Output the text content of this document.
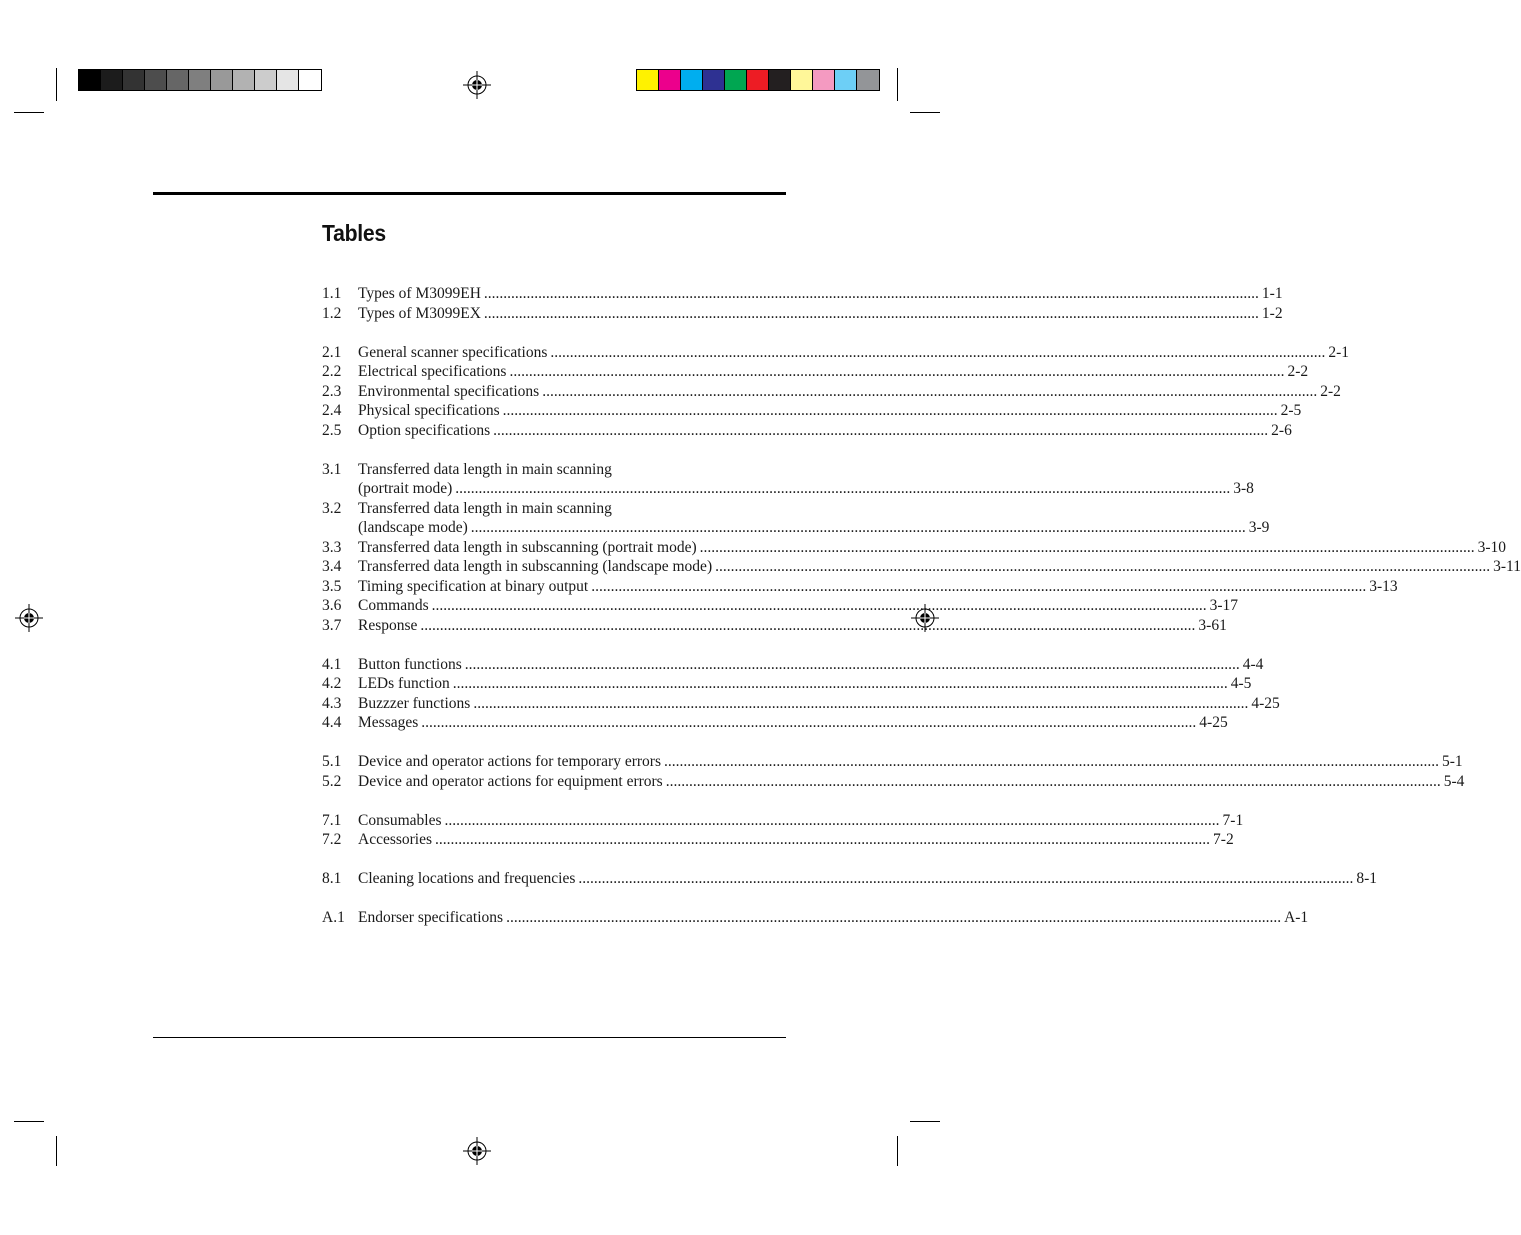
Tables
1.1 Types of M3099EH ........................................................................................................................................................................................................ 1-1
1.2 Types of M3099EX ........................................................................................................................................................................................................ 1-2
2.1 General scanner specifications ........................................................................................................................................................................................................ 2-1
2.2 Electrical specifications ........................................................................................................................................................................................................ 2-2
2.3 Environmental specifications ........................................................................................................................................................................................................ 2-2
2.4 Physical specifications ........................................................................................................................................................................................................ 2-5
2.5 Option specifications ........................................................................................................................................................................................................ 2-6
3.1 Transferred data length in main scanning
(portrait mode) ........................................................................................................................................................................................................ 3-8
3.2 Transferred data length in main scanning
(landscape mode) ........................................................................................................................................................................................................ 3-9
3.3 Transferred data length in subscanning (portrait mode) ........................................................................................................................................................................................................ 3-10
3.4 Transferred data length in subscanning (landscape mode) ........................................................................................................................................................................................................ 3-11
3.5 Timing specification at binary output ........................................................................................................................................................................................................ 3-13
3.6 Commands ........................................................................................................................................................................................................ 3-17
3.7 Response ........................................................................................................................................................................................................ 3-61
4.1 Button functions ........................................................................................................................................................................................................ 4-4
4.2 LEDs function ........................................................................................................................................................................................................ 4-5
4.3 Buzzzer functions ........................................................................................................................................................................................................ 4-25
4.4 Messages ........................................................................................................................................................................................................ 4-25
5.1 Device and operator actions for temporary errors ........................................................................................................................................................................................................ 5-1
5.2 Device and operator actions for equipment errors ........................................................................................................................................................................................................ 5-4
7.1 Consumables ........................................................................................................................................................................................................ 7-1
7.2 Accessories ........................................................................................................................................................................................................ 7-2
8.1 Cleaning locations and frequencies ........................................................................................................................................................................................................ 8-1
A.1 Endorser specifications ........................................................................................................................................................................................................ A-1
